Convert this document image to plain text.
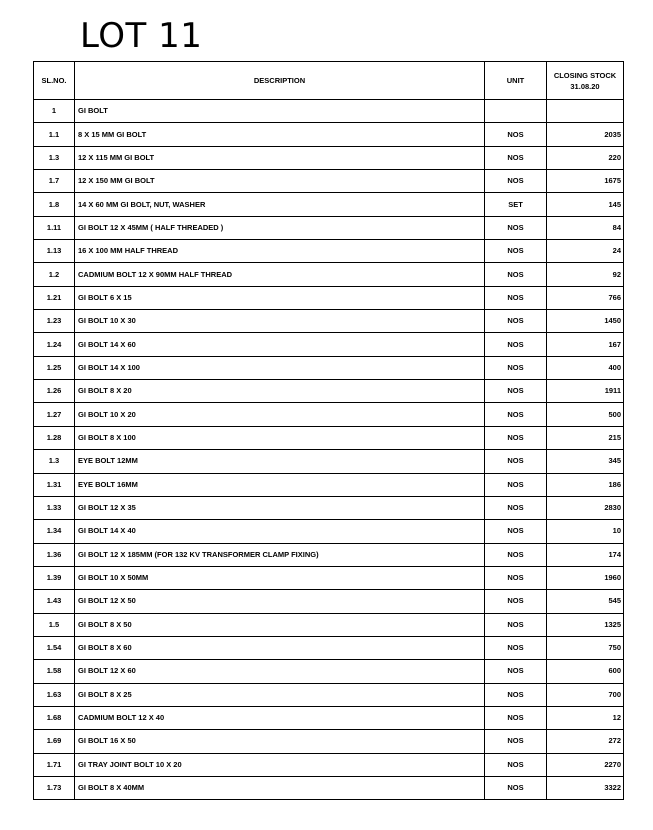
LOT 11
SL.NO.	DESCRIPTION	UNIT	CLOSING STOCK
31.08.20

1	GI BOLT		
1.1	8 X 15 MM GI BOLT	NOS	2035
1.3	12 X 115 MM GI BOLT	NOS	220
1.7	12 X 150 MM GI BOLT	NOS	1675
1.8	14 X 60 MM GI BOLT, NUT, WASHER	SET	145
1.11	GI BOLT 12 X 45MM ( HALF THREADED )	NOS	84
1.13	16 X 100 MM HALF THREAD	NOS	24
1.2	CADMIUM BOLT 12 X 90MM HALF THREAD	NOS	92
1.21	GI BOLT 6 X 15	NOS	766
1.23	GI BOLT 10 X 30	NOS	1450
1.24	GI BOLT 14 X 60	NOS	167
1.25	GI BOLT 14 X 100	NOS	400
1.26	GI BOLT 8 X 20	NOS	1911
1.27	GI BOLT 10 X 20	NOS	500
1.28	GI BOLT 8 X 100	NOS	215
1.3	EYE BOLT 12MM	NOS	345
1.31	EYE BOLT 16MM	NOS	186
1.33	GI BOLT 12 X 35	NOS	2830
1.34	GI BOLT 14 X 40	NOS	10
1.36	GI BOLT 12 X 185MM (FOR 132 KV TRANSFORMER CLAMP FIXING)	NOS	174
1.39	GI BOLT 10 X 50MM	NOS	1960
1.43	GI BOLT 12 X 50	NOS	545
1.5	GI BOLT 8 X 50	NOS	1325
1.54	GI BOLT 8 X 60	NOS	750
1.58	GI BOLT 12 X 60	NOS	600
1.63	GI BOLT 8 X 25	NOS	700
1.68	CADMIUM BOLT 12 X 40	NOS	12
1.69	GI BOLT 16 X 50	NOS	272
1.71	GI TRAY JOINT BOLT 10 X 20	NOS	2270
1.73	GI BOLT 8 X 40MM	NOS	3322
